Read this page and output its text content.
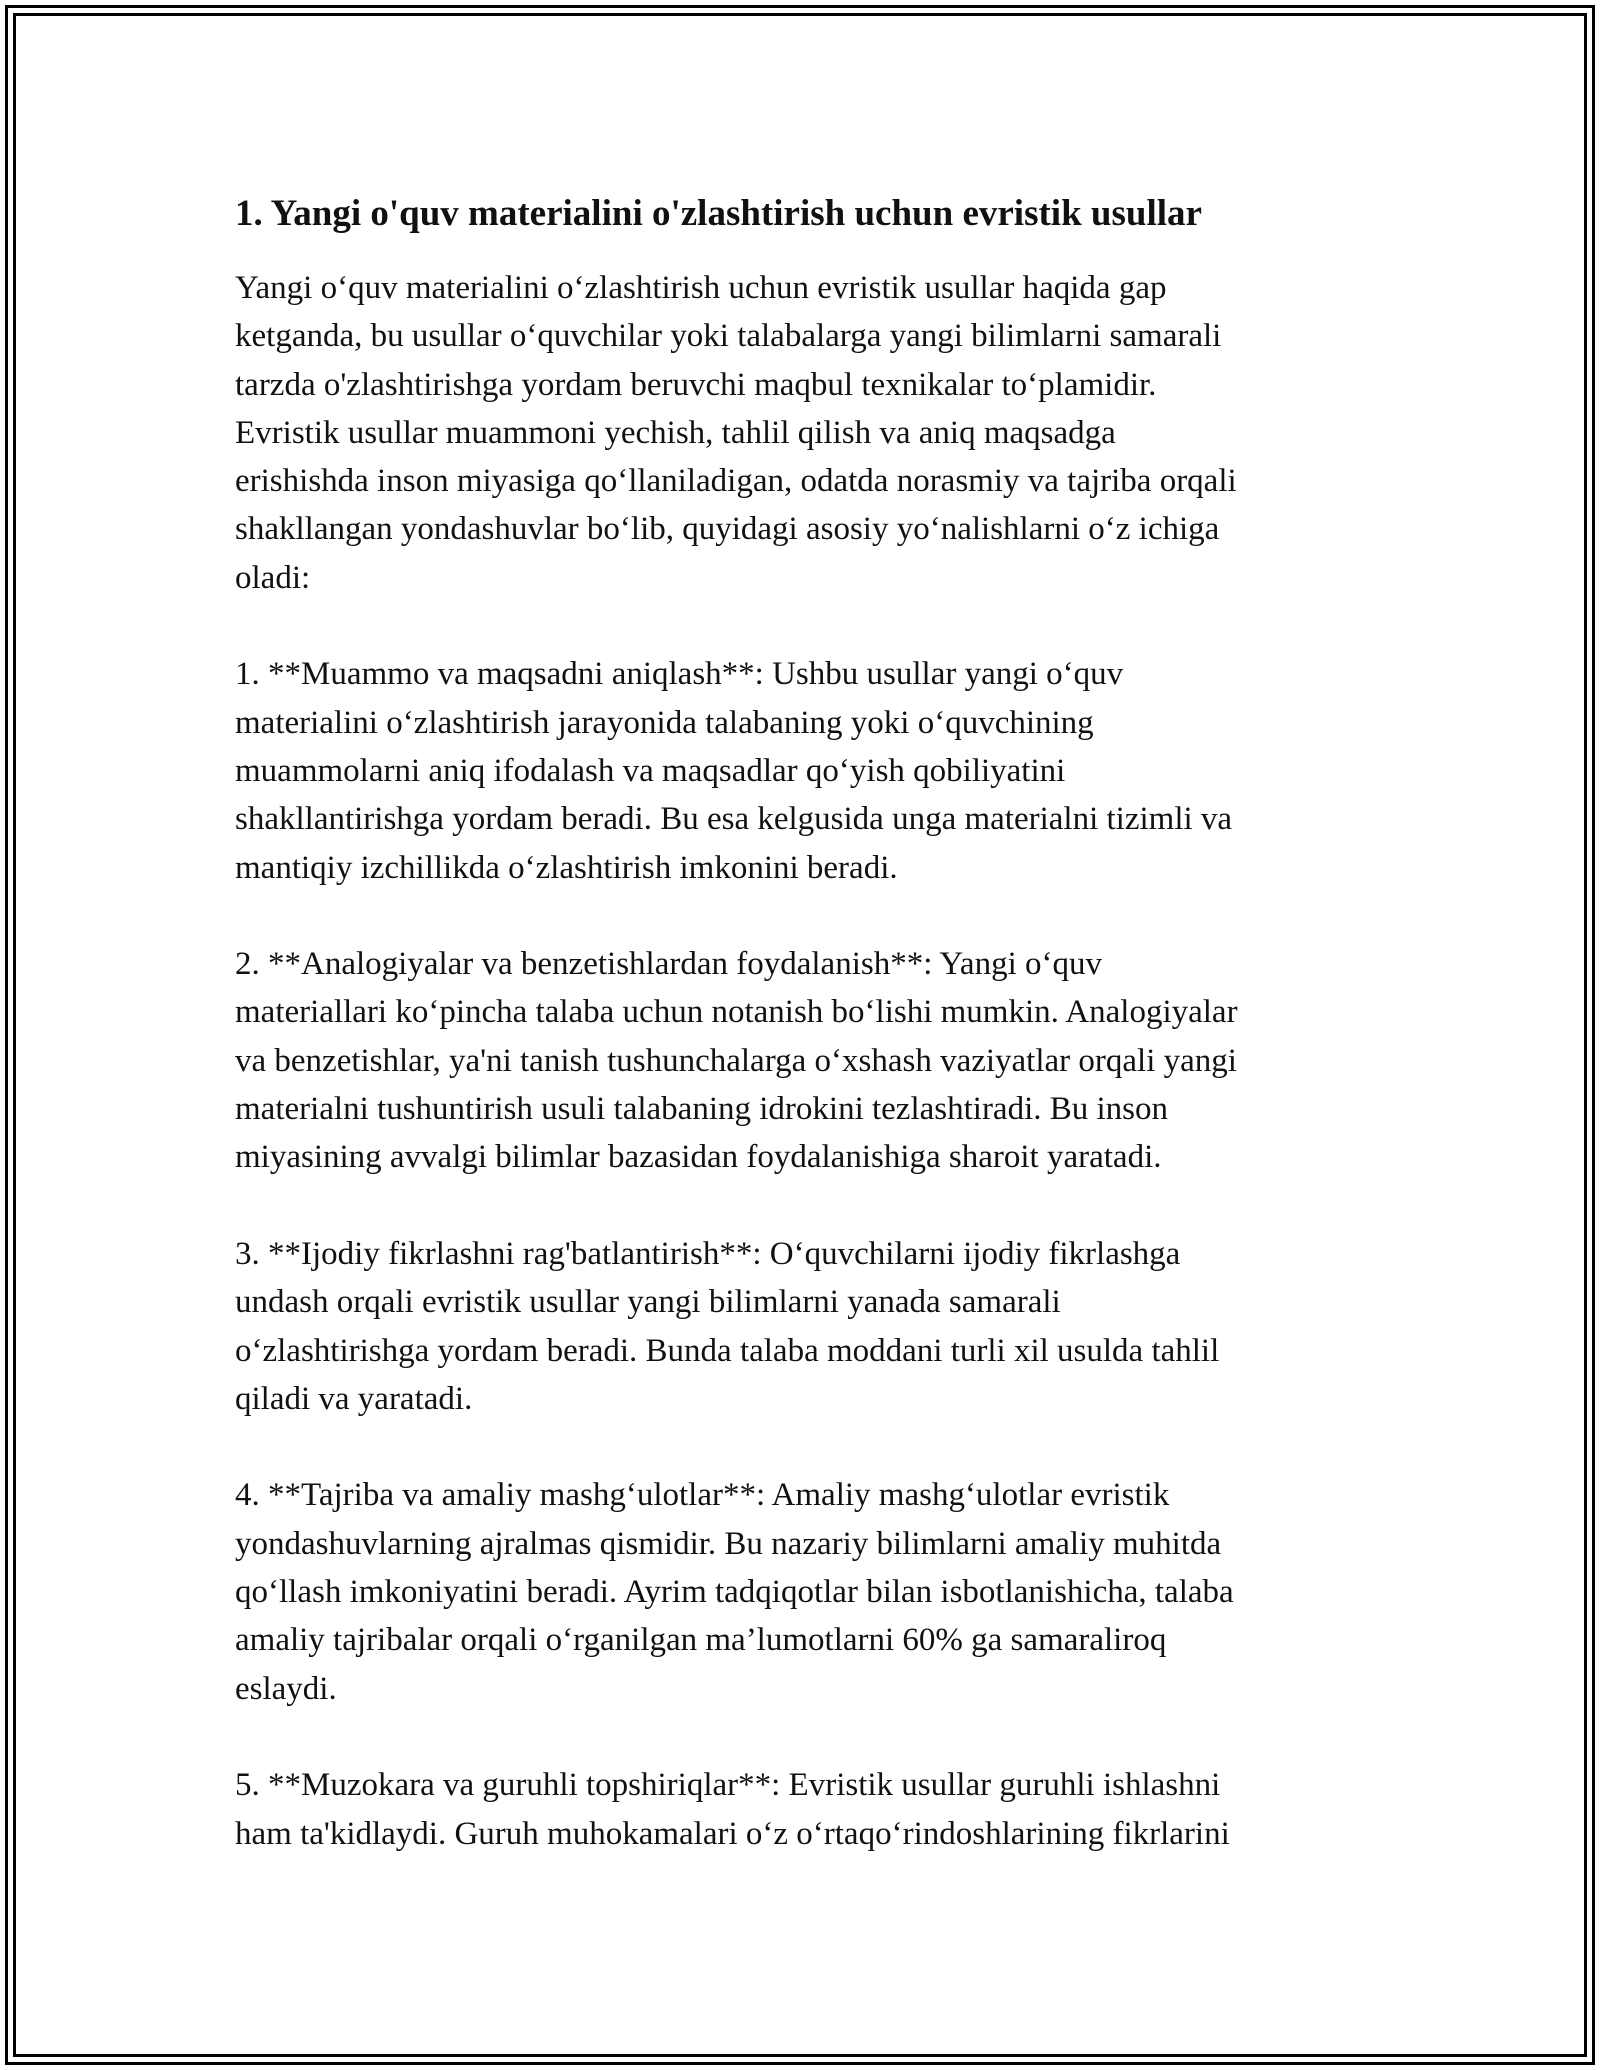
1. Yangi o'quv materialini o'zlashtirish uchun evristik usullar

Yangi o‘quv materialini o‘zlashtirish uchun evristik usullar haqida gap
ketganda, bu usullar o‘quvchilar yoki talabalarga yangi bilimlarni samarali
tarzda o'zlashtirishga yordam beruvchi maqbul texnikalar to‘plamidir.
Evristik usullar muammoni yechish, tahlil qilish va aniq maqsadga
erishishda inson miyasiga qo‘llaniladigan, odatda norasmiy va tajriba orqali
shakllangan yondashuvlar bo‘lib, quyidagi asosiy yo‘nalishlarni o‘z ichiga
oladi:

1. **Muammo va maqsadni aniqlash**: Ushbu usullar yangi o‘quv
materialini o‘zlashtirish jarayonida talabaning yoki o‘quvchining
muammolarni aniq ifodalash va maqsadlar qo‘yish qobiliyatini
shakllantirishga yordam beradi. Bu esa kelgusida unga materialni tizimli va
mantiqiy izchillikda o‘zlashtirish imkonini beradi.

2. **Analogiyalar va benzetishlardan foydalanish**: Yangi o‘quv
materiallari ko‘pincha talaba uchun notanish bo‘lishi mumkin. Analogiyalar
va benzetishlar, ya'ni tanish tushunchalarga o‘xshash vaziyatlar orqali yangi
materialni tushuntirish usuli talabaning idrokini tezlashtiradi. Bu inson
miyasining avvalgi bilimlar bazasidan foydalanishiga sharoit yaratadi.

3. **Ijodiy fikrlashni rag'batlantirish**: O‘quvchilarni ijodiy fikrlashga
undash orqali evristik usullar yangi bilimlarni yanada samarali
o‘zlashtirishga yordam beradi. Bunda talaba moddani turli xil usulda tahlil
qiladi va yaratadi.

4. **Tajriba va amaliy mashg‘ulotlar**: Amaliy mashg‘ulotlar evristik
yondashuvlarning ajralmas qismidir. Bu nazariy bilimlarni amaliy muhitda
qo‘llash imkoniyatini beradi. Ayrim tadqiqotlar bilan isbotlanishicha, talaba
amaliy tajribalar orqali o‘rganilgan ma’lumotlarni 60% ga samaraliroq
eslaydi.

5. **Muzokara va guruhli topshiriqlar**: Evristik usullar guruhli ishlashni
ham ta'kidlaydi. Guruh muhokamalari o‘z o‘rtaqo‘rindoshlarining fikrlarini
